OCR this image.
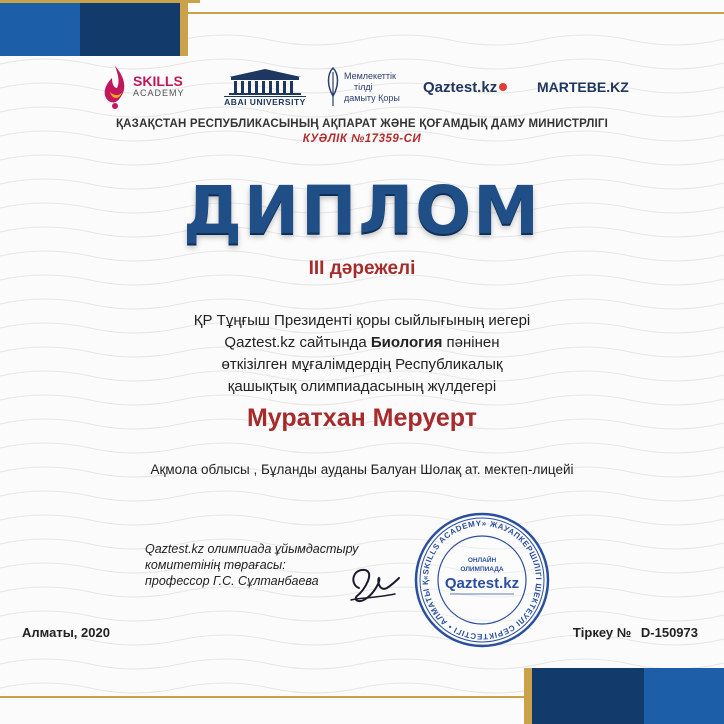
SKILLS
ACADEMY
ABAI UNIVERSITY
Мемлекеттік
тілді
дамыту Қоры
Qaztest.kz	MARTEBE.KZ
ҚАЗАҚСТАН РЕСПУБЛИКАСЫНЫҢ АҚПАРАТ ЖӘНЕ ҚОҒАМДЫҚ ДАМУ МИНИСТРЛІГІ
КУӘЛІК №17359-СИ
ДИПЛОМ
ІІІ дәрежелі
ҚР Тұңғыш Президенті қоры сыйлығының иегері
Qaztest.kz сайтында Биология пәнінен
өткізілген мұғалімдердің Республикалық
қашықтық олимпиадасының жүлдегері
Муратхан Меруерт
Ақмола облысы , Бұланды ауданы Балуан Шолақ ат. мектеп-лицейі
Qaztest.kz олимпиада ұйымдастыру
комитетінің төрағасы:
профессор Г.С. Сұлтанбаева	«SKILLS ACADEMY» ЖАУАПКЕРШІЛІГІ ШЕКТЕУЛІ СЕРІКТЕСТІГІ • АЛМАТЫ Қ
ОНЛАЙН
ОЛИМПИАДА
Qaztest.kz
Алматы, 2020	Тіркеу № D-150973
